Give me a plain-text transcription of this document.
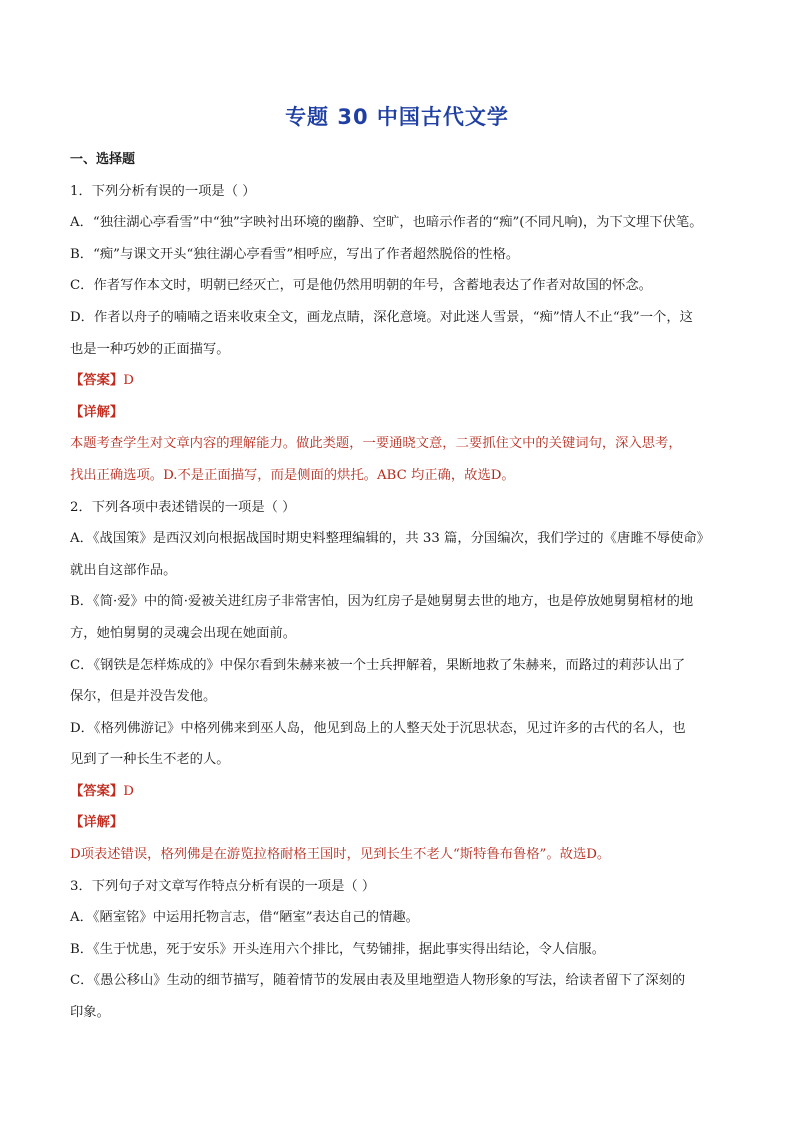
专题 30 中国古代文学
一、选择题
1．下列分析有误的一项是（ ）
A．“独往湖心亭看雪”中“独”字映衬出环境的幽静、空旷，也暗示作者的“痴”(不同凡响)，为下文埋下伏笔。
B．“痴”与课文开头“独往湖心亭看雪”相呼应，写出了作者超然脱俗的性格。
C．作者写作本文时，明朝已经灭亡，可是他仍然用明朝的年号，含蓄地表达了作者对故国的怀念。
D．作者以舟子的喃喃之语来收束全文，画龙点睛，深化意境。对此迷人雪景，“痴”情人不止“我”一个，这
也是一种巧妙的正面描写。
【答案】D
【详解】
本题考查学生对文章内容的理解能力。做此类题，一要通晓文意，二要抓住文中的关键词句，深入思考，
找出正确选项。D.不是正面描写，而是侧面的烘托。ABC 均正确，故选D。
2．下列各项中表述错误的一项是（ ）
A．《战国策》是西汉刘向根据战国时期史料整理编辑的，共 33 篇，分国编次，我们学过的《唐雎不辱使命》
就出自这部作品。
B．《简·爱》中的简·爱被关进红房子非常害怕，因为红房子是她舅舅去世的地方，也是停放她舅舅棺材的地
方，她怕舅舅的灵魂会出现在她面前。
C．《钢铁是怎样炼成的》中保尔看到朱赫来被一个士兵押解着，果断地救了朱赫来，而路过的莉莎认出了
保尔，但是并没告发他。
D．《格列佛游记》中格列佛来到巫人岛，他见到岛上的人整天处于沉思状态，见过许多的古代的名人，也
见到了一种长生不老的人。
【答案】D
【详解】
D项表述错误，格列佛是在游览拉格耐格王国时，见到长生不老人“斯特鲁布鲁格”。故选D。
3．下列句子对文章写作特点分析有误的一项是（ ）
A．《陋室铭》中运用托物言志，借“陋室”表达自己的情趣。
B．《生于忧患，死于安乐》开头连用六个排比，气势铺排，据此事实得出结论，令人信服。
C．《愚公移山》生动的细节描写，随着情节的发展由表及里地塑造人物形象的写法，给读者留下了深刻的
印象。
